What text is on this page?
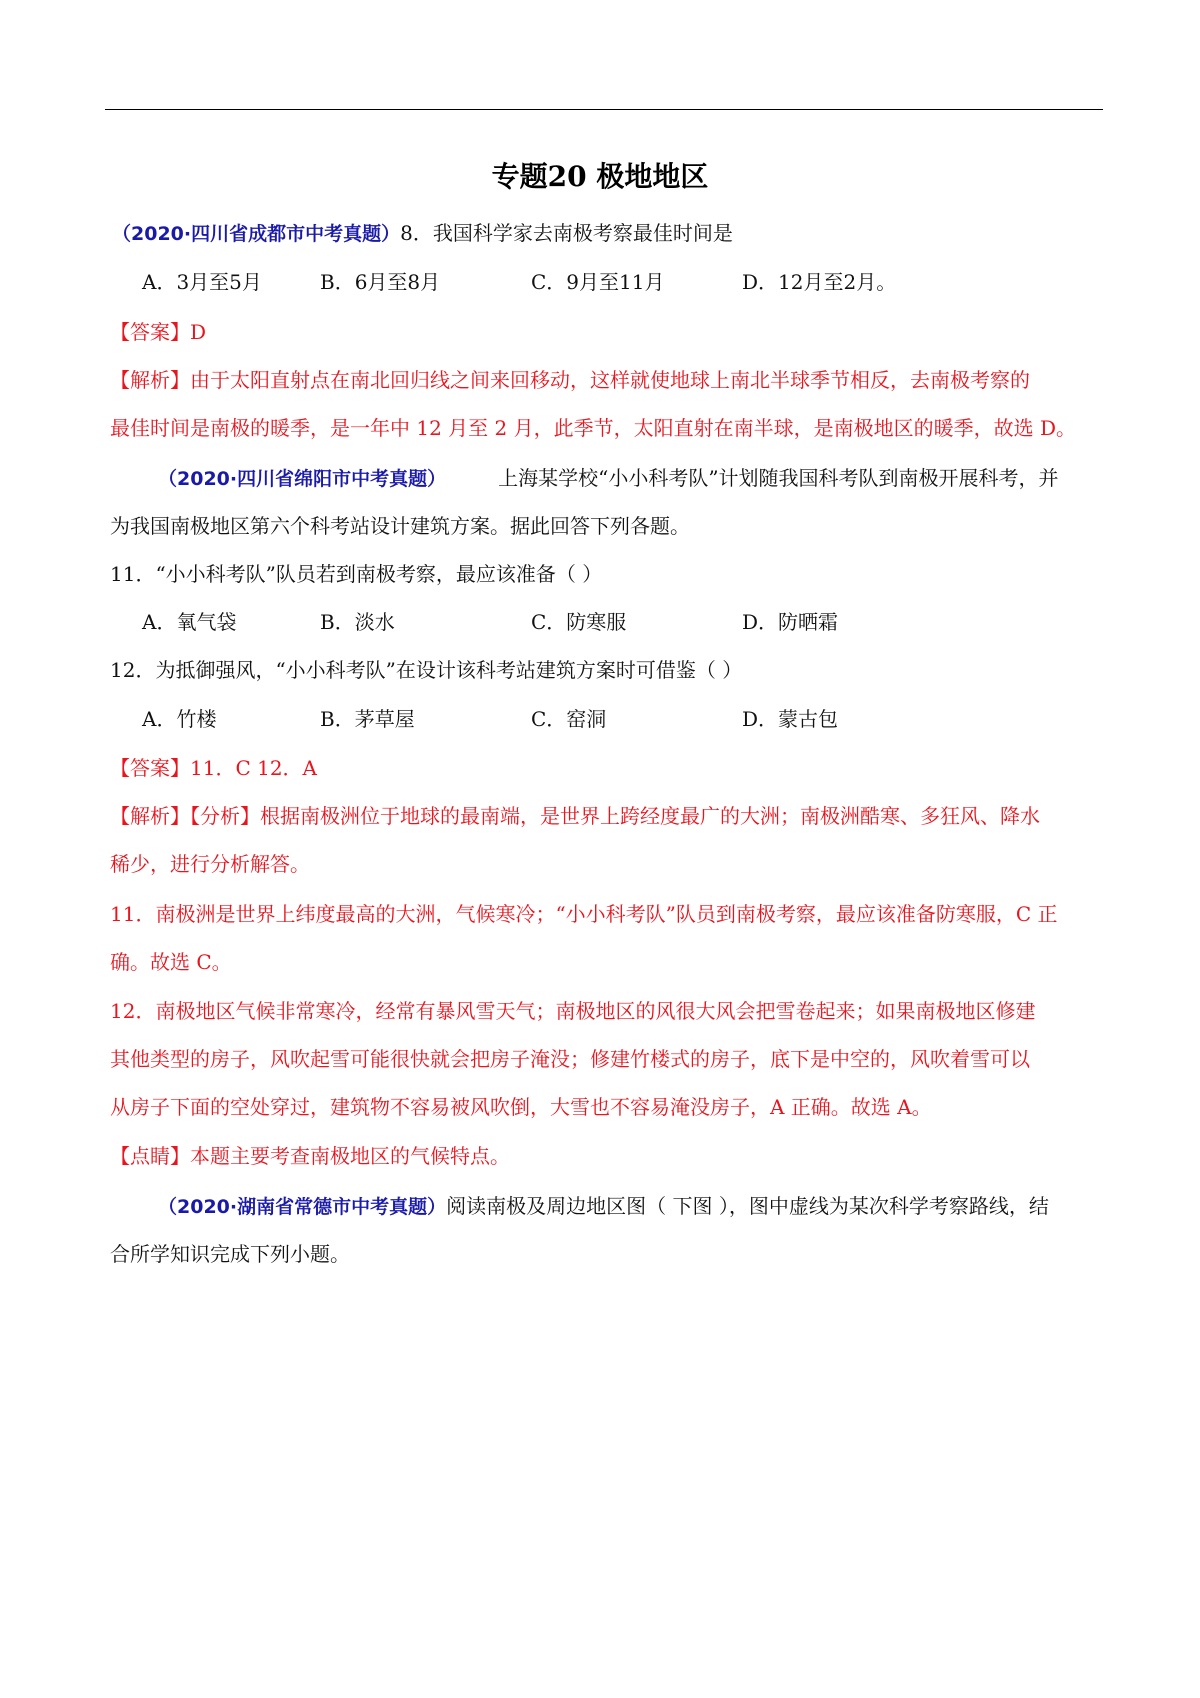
专题20 极地地区
（2020·四川省成都市中考真题）8．我国科学家去南极考察最佳时间是
A．3月至5月	B．6月至8月	C．9月至11月	D．12月至2月。
【答案】D
【解析】由于太阳直射点在南北回归线之间来回移动，这样就使地球上南北半球季节相反，去南极考察的
最佳时间是南极的暖季，是一年中 12 月至 2 月，此季节，太阳直射在南半球，是南极地区的暖季，故选 D。
（2020·四川省绵阳市中考真题）	上海某学校“小小科考队”计划随我国科考队到南极开展科考，并
为我国南极地区第六个科考站设计建筑方案。据此回答下列各题。
11．“小小科考队”队员若到南极考察，最应该准备（ ）
A．氧气袋	B．淡水	C．防寒服	D．防晒霜
12．为抵御强风，“小小科考队”在设计该科考站建筑方案时可借鉴（ ）
A．竹楼	B．茅草屋	C．窑洞	D．蒙古包
【答案】11．C 12．A
【解析】【分析】根据南极洲位于地球的最南端，是世界上跨经度最广的大洲；南极洲酷寒、多狂风、降水
稀少，进行分析解答。
11．南极洲是世界上纬度最高的大洲，气候寒冷；“小小科考队”队员到南极考察，最应该准备防寒服，C 正
确。故选 C。
12．南极地区气候非常寒冷，经常有暴风雪天气；南极地区的风很大风会把雪卷起来；如果南极地区修建
其他类型的房子，风吹起雪可能很快就会把房子淹没；修建竹楼式的房子，底下是中空的，风吹着雪可以
从房子下面的空处穿过，建筑物不容易被风吹倒，大雪也不容易淹没房子，A 正确。故选 A。
【点睛】本题主要考查南极地区的气候特点。
（2020·湖南省常德市中考真题）阅读南极及周边地区图（ 下图 ），图中虚线为某次科学考察路线，结
合所学知识完成下列小题。
